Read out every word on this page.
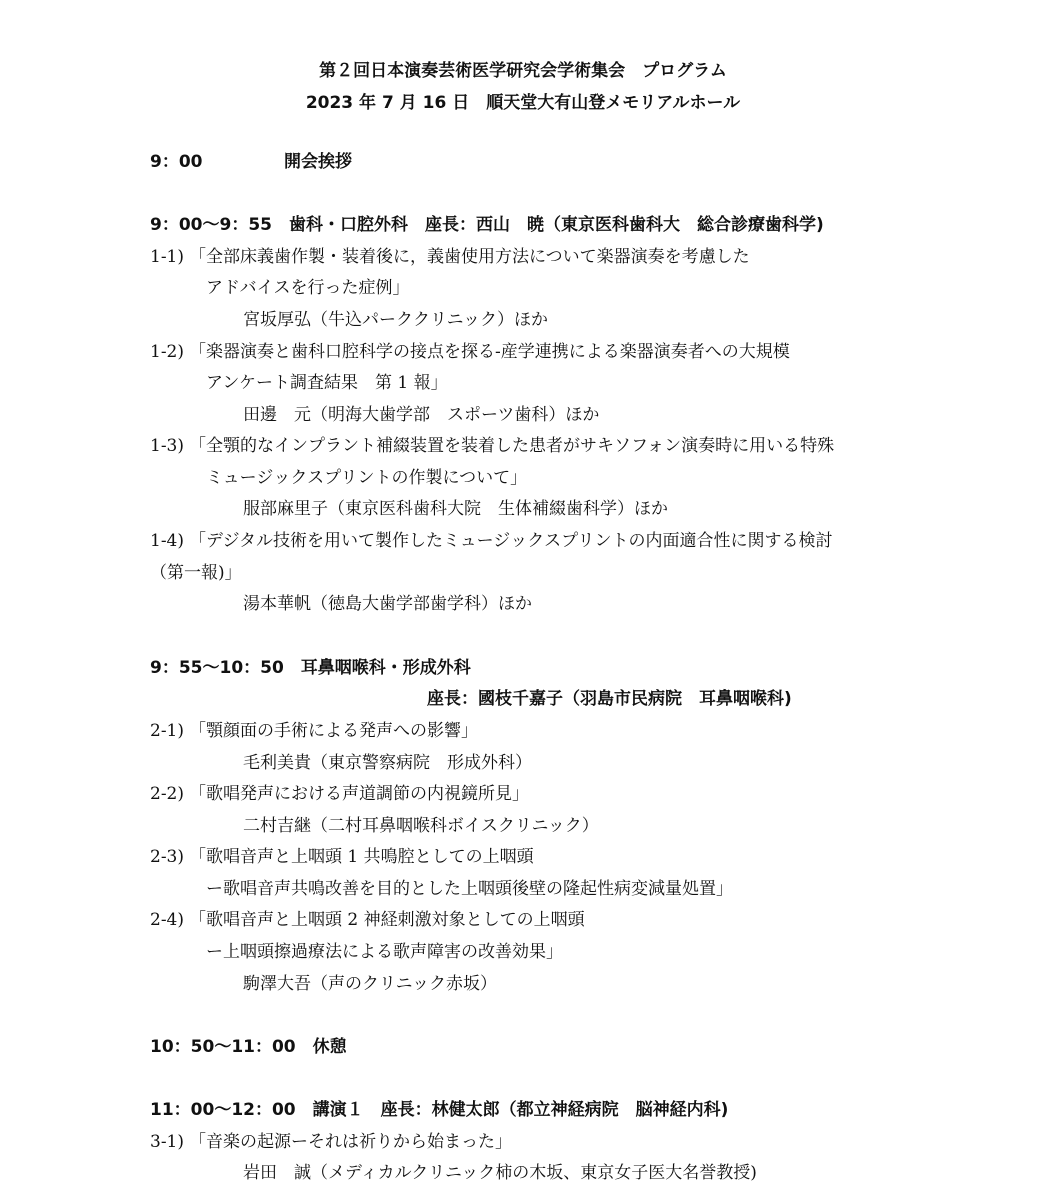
第２回日本演奏芸術医学研究会学術集会　プログラム
2023 年 7 月 16 日　順天堂大有山登メモリアルホール
9：00	開会挨拶
9：00〜9：55　歯科・口腔外科　座長：西山　暁（東京医科歯科大　総合診療歯科学)
1-1) 「全部床義歯作製・装着後に，義歯使用方法について楽器演奏を考慮した
アドバイスを行った症例」
宮坂厚弘（牛込パーククリニック）ほか
1-2) 「楽器演奏と歯科口腔科学の接点を探る-産学連携による楽器演奏者への大規模
アンケート調査結果　第 1 報」
田邊　元（明海大歯学部　スポーツ歯科）ほか
1-3) 「全顎的なインプラント補綴装置を装着した患者がサキソフォン演奏時に用いる特殊
ミュージックスプリントの作製について」
服部麻里子（東京医科歯科大院　生体補綴歯科学）ほか
1-4) 「デジタル技術を用いて製作したミュージックスプリントの内面適合性に関する検討
（第一報)」
湯本華帆（徳島大歯学部歯学科）ほか
9：55〜10：50　耳鼻咽喉科・形成外科
座長：國枝千嘉子（羽島市民病院　耳鼻咽喉科)
2-1) 「顎顔面の手術による発声への影響」
毛利美貴（東京警察病院　形成外科）
2-2) 「歌唱発声における声道調節の内視鏡所見」
二村吉継（二村耳鼻咽喉科ボイスクリニック）
2-3) 「歌唱音声と上咽頭 1 共鳴腔としての上咽頭
ー歌唱音声共鳴改善を目的とした上咽頭後壁の隆起性病変減量処置」
2-4) 「歌唱音声と上咽頭 2 神経刺激対象としての上咽頭
ー上咽頭擦過療法による歌声障害の改善効果」
駒澤大吾（声のクリニック赤坂）
10：50〜11：00　休憩
11：00〜12：00　講演１　座長：林健太郎（都立神経病院　脳神経内科)
3-1) 「音楽の起源ーそれは祈りから始まった」
岩田　誠（メディカルクリニック柿の木坂、東京女子医大名誉教授)
